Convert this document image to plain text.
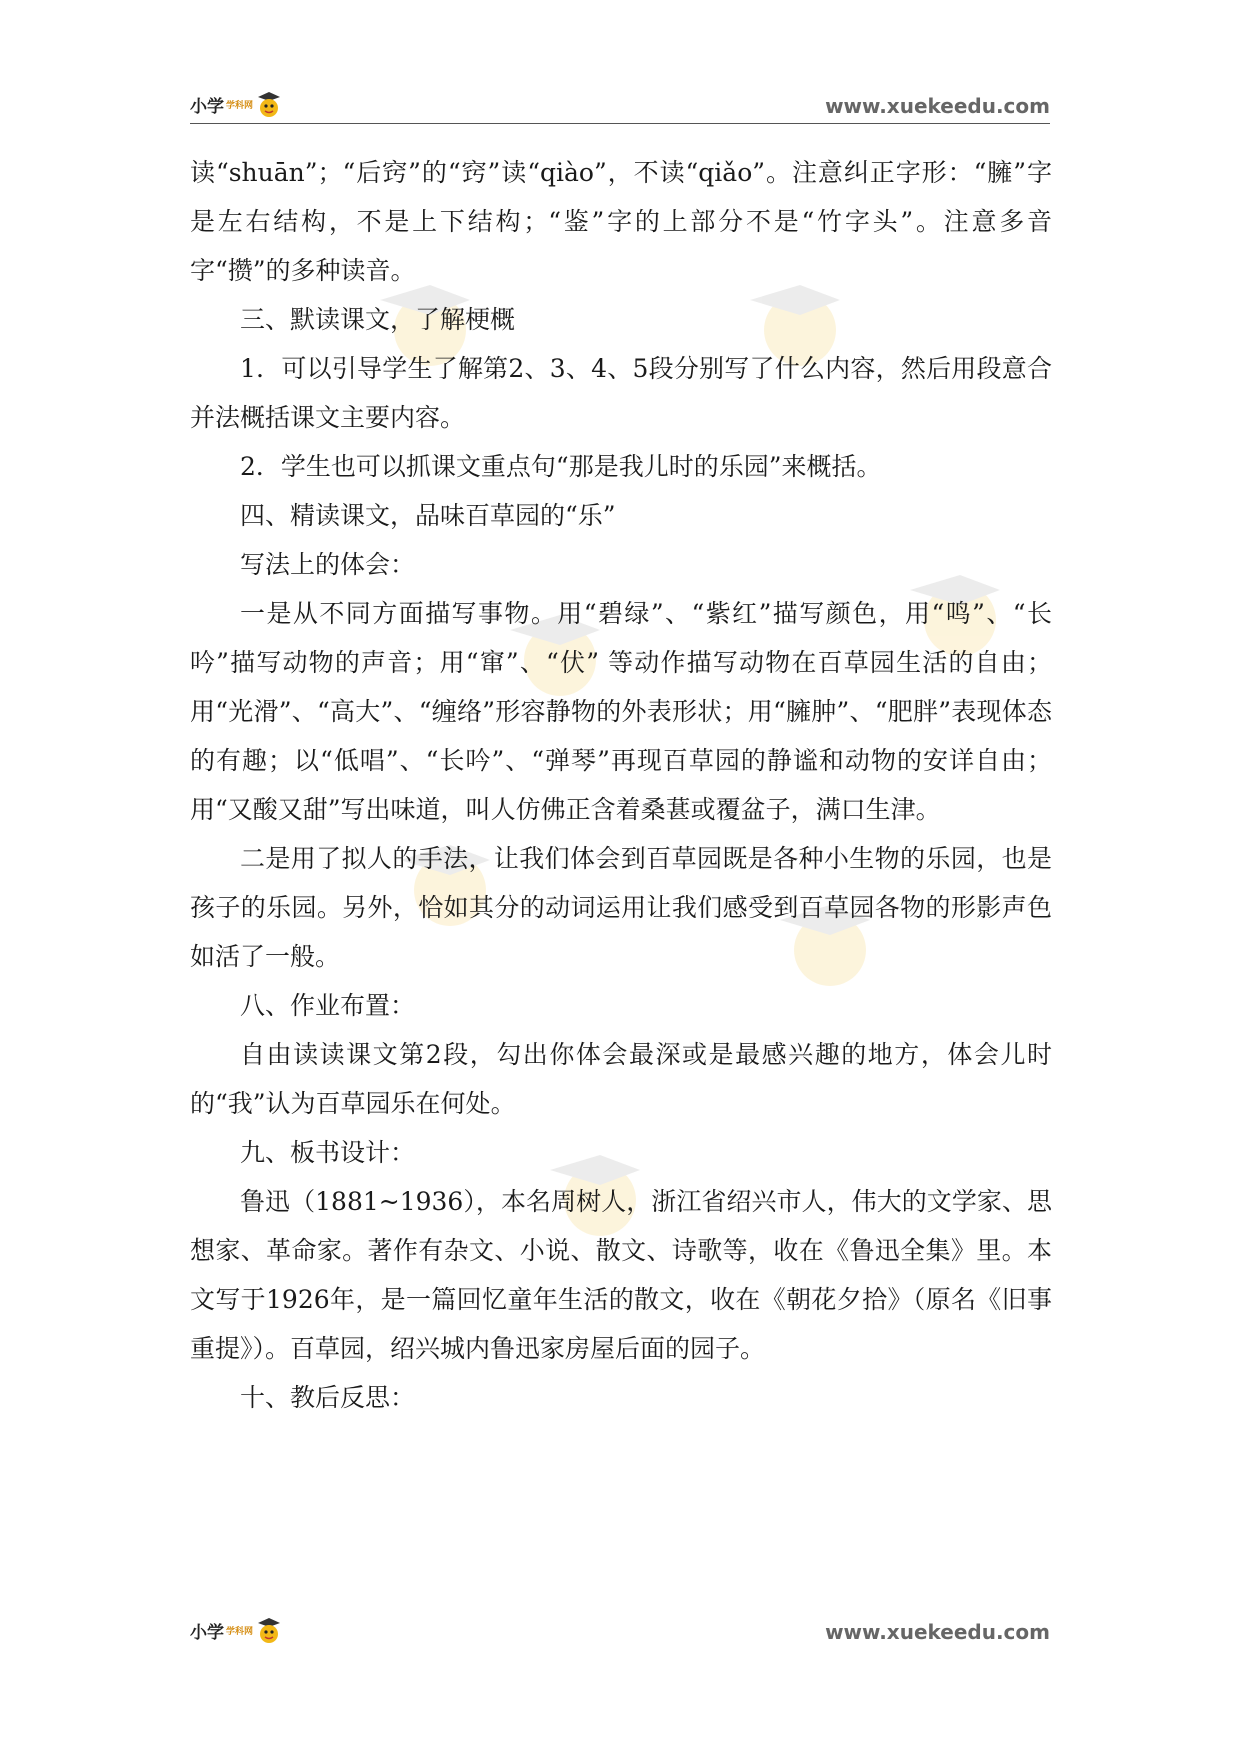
小学 学科网	www.xuekeedu.com

读“shuān”；“后窍”的“窍”读“qiào”，不读“qiǎo”。注意纠正字形：“臃”字是左右结构，不是上下结构；“鉴”字的上部分不是“竹字头”。注意多音字“攒”的多种读音。

三、默读课文，了解梗概

1．可以引导学生了解第2、3、4、5段分别写了什么内容，然后用段意合并法概括课文主要内容。

2．学生也可以抓课文重点句“那是我儿时的乐园”来概括。

四、精读课文，品味百草园的“乐”

写法上的体会：

一是从不同方面描写事物。用“碧绿”、“紫红”描写颜色，用“鸣”、“长吟”描写动物的声音；用“窜”、“伏” 等动作描写动物在百草园生活的自由；用“光滑”、“高大”、“缠络”形容静物的外表形状；用“臃肿”、“肥胖”表现体态的有趣；以“低唱”、“长吟”、“弹琴”再现百草园的静谧和动物的安详自由；用“又酸又甜”写出味道，叫人仿佛正含着桑葚或覆盆子，满口生津。

二是用了拟人的手法，让我们体会到百草园既是各种小生物的乐园，也是孩子的乐园。另外，恰如其分的动词运用让我们感受到百草园各物的形影声色如活了一般。

八、作业布置：

自由读读课文第2段，勾出你体会最深或是最感兴趣的地方，体会儿时的“我”认为百草园乐在何处。

九、板书设计：

鲁迅（1881~1936），本名周树人，浙江省绍兴市人，伟大的文学家、思想家、革命家。著作有杂文、小说、散文、诗歌等，收在《鲁迅全集》里。本文写于1926年，是一篇回忆童年生活的散文，收在《朝花夕拾》（原名《旧事重提》）。百草园，绍兴城内鲁迅家房屋后面的园子。

十、教后反思：

小学 学科网	www.xuekeedu.com
